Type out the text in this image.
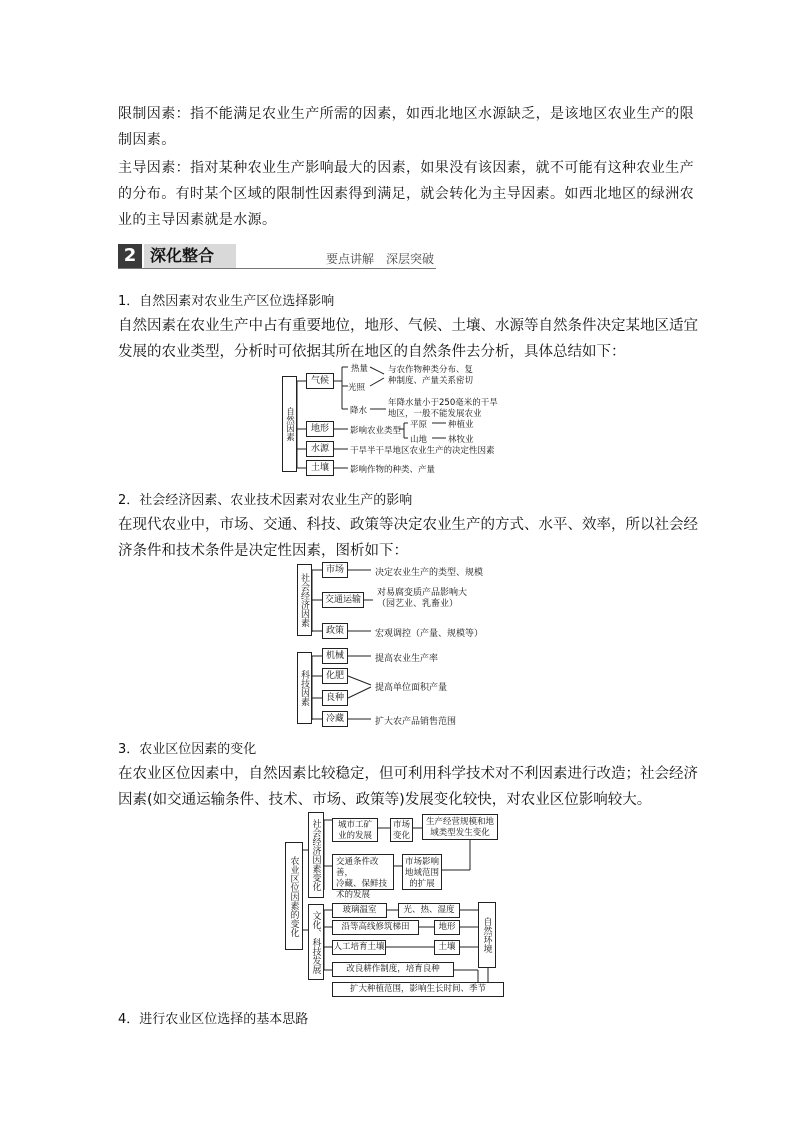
限制因素：指不能满足农业生产所需的因素，如西北地区水源缺乏，是该地区农业生产的限
制因素。
主导因素：指对某种农业生产影响最大的因素，如果没有该因素，就不可能有这种农业生产
的分布。有时某个区域的限制性因素得到满足，就会转化为主导因素。如西北地区的绿洲农
业的主导因素就是水源。
2 深化整合	要点讲解　深层突破
1．自然因素对农业生产区位选择影响
自然因素在农业生产中占有重要地位，地形、气候、土壤、水源等自然条件决定某地区适宜
发展的农业类型，分析时可依据其所在地区的自然条件去分析，具体总结如下：
自然因素
气候
热量
光照
与农作物种类分布、复
种制度、产量关系密切
降水
年降水量小于250毫米的干旱
地区，一般不能发展农业
地形	影响农业类型
平原 种植业
山地 林牧业
水源	干旱半干旱地区农业生产的决定性因素
土壤	影响作物的种类、产量
2．社会经济因素、农业技术因素对农业生产的影响
在现代农业中，市场、交通、科技、政策等决定农业生产的方式、水平、效率，所以社会经
济条件和技术条件是决定性因素，图析如下：
社会经济因素
市场	决定农业生产的类型、规模
交通运输
对易腐变质产品影响大
（园艺业、乳畜业）
政策	宏观调控（产量、规模等）
科技因素
机械	提高农业生产率
化肥
良种
提高单位面积产量
冷藏	扩大农产品销售范围
3．农业区位因素的变化
在农业区位因素中，自然因素比较稳定，但可利用科学技术对不利因素进行改造；社会经济
因素(如交通运输条件、技术、市场、政策等)发展变化较快，对农业区位影响较大。
农业区位因素的变化
社会经济因素变化
文化、科技发展
城市工矿
业的发展
市场
变化
生产经营规模和地
域类型发生变化
交通条件改善，
冷藏、保鲜技
术的发展
市场影响
地域范围
的扩展
玻璃温室	光、热、湿度
沿等高线修筑梯田	地形
人工培育土壤	土壤	自然环境
改良耕作制度，培育良种
扩大种植范围，影响生长时间、季节
4．进行农业区位选择的基本思路
